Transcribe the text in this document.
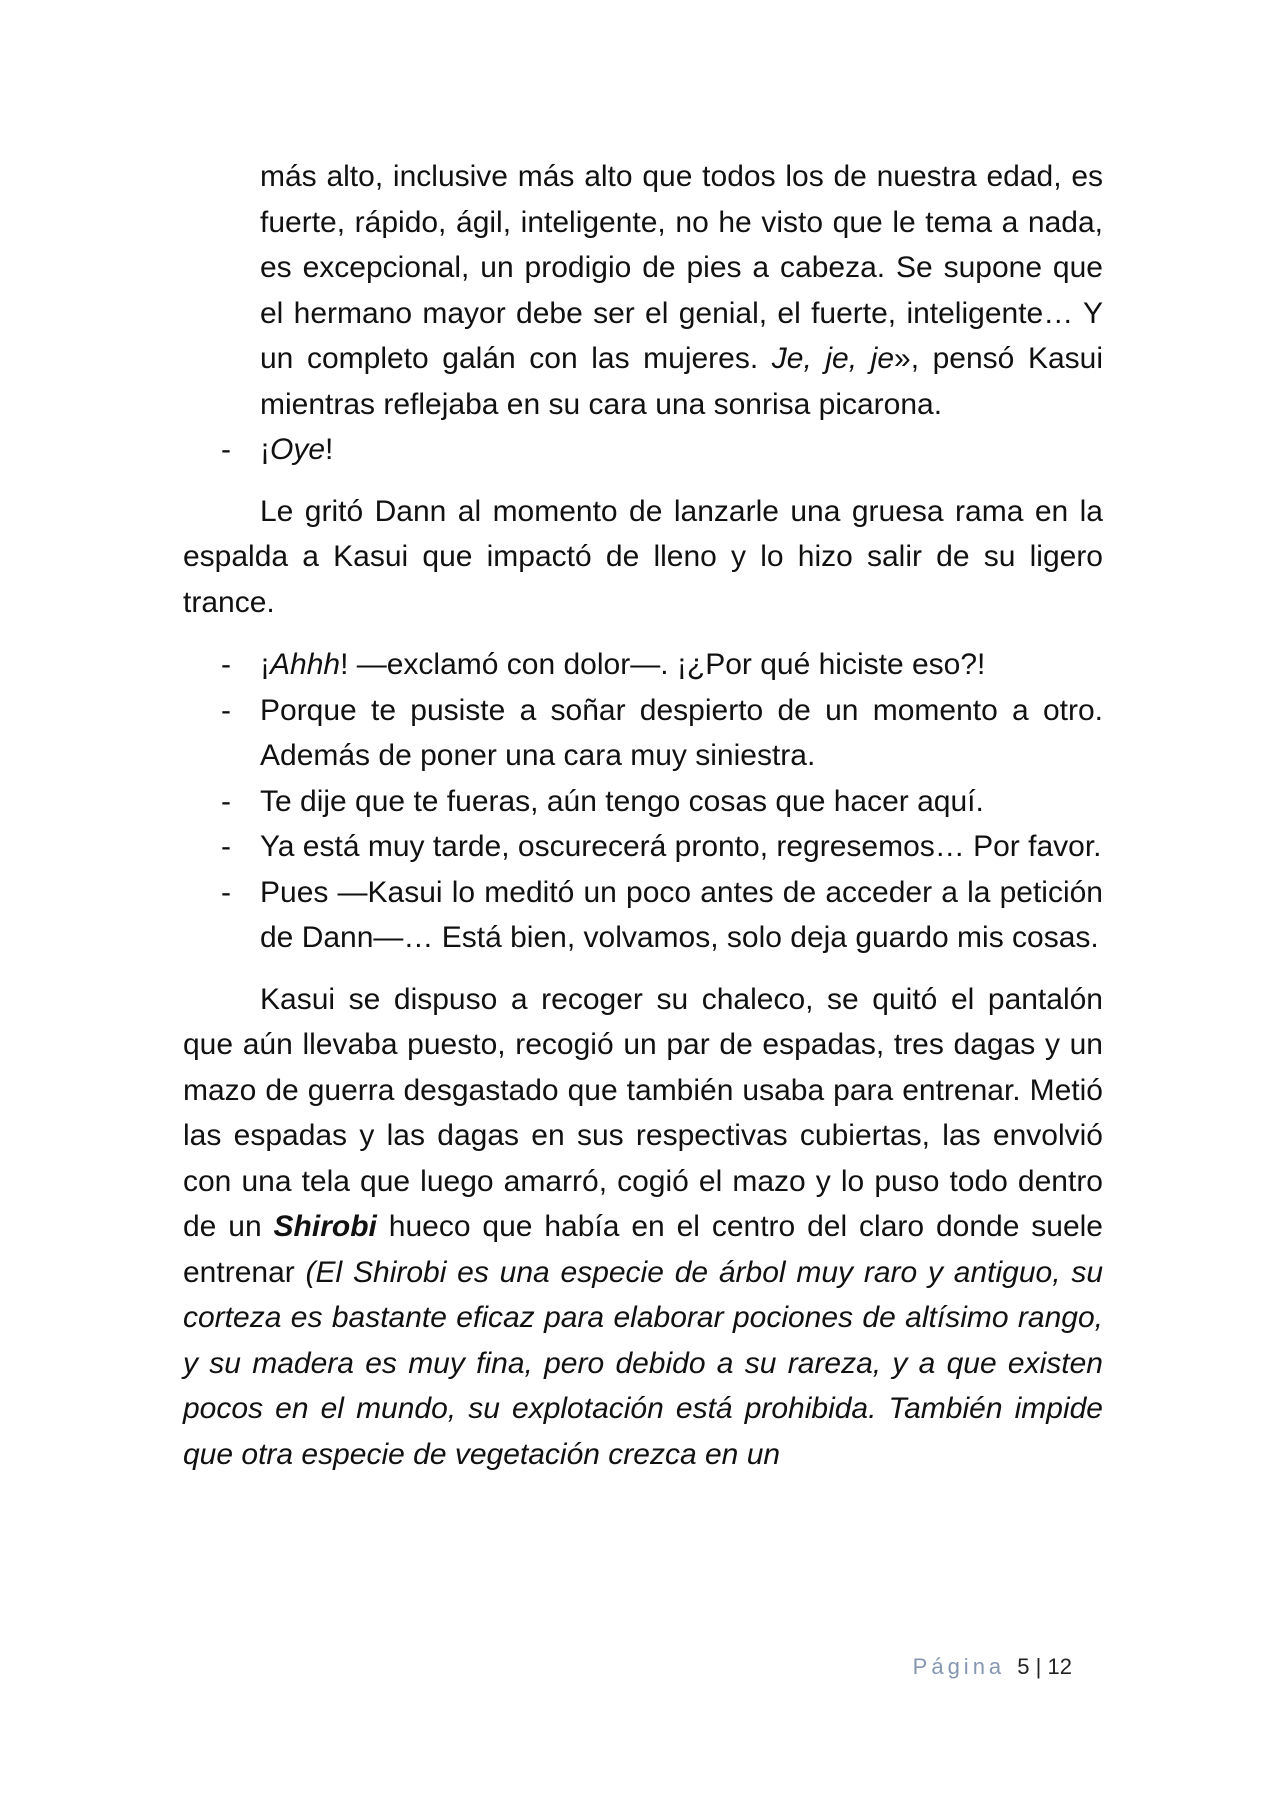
más alto, inclusive más alto que todos los de nuestra edad, es fuerte, rápido, ágil, inteligente, no he visto que le tema a nada, es excepcional, un prodigio de pies a cabeza. Se supone que el hermano mayor debe ser el genial, el fuerte, inteligente… Y un completo galán con las mujeres. Je, je, je», pensó Kasui mientras reflejaba en su cara una sonrisa picarona.
- ¡Oye!

Le gritó Dann al momento de lanzarle una gruesa rama en la espalda a Kasui que impactó de lleno y lo hizo salir de su ligero trance.

- ¡Ahhh! —exclamó con dolor—. ¡¿Por qué hiciste eso?!
- Porque te pusiste a soñar despierto de un momento a otro. Además de poner una cara muy siniestra.
- Te dije que te fueras, aún tengo cosas que hacer aquí.
- Ya está muy tarde, oscurecerá pronto, regresemos… Por favor.
- Pues —Kasui lo meditó un poco antes de acceder a la petición de Dann—… Está bien, volvamos, solo deja guardo mis cosas.

Kasui se dispuso a recoger su chaleco, se quitó el pantalón que aún llevaba puesto, recogió un par de espadas, tres dagas y un mazo de guerra desgastado que también usaba para entrenar. Metió las espadas y las dagas en sus respectivas cubiertas, las envolvió con una tela que luego amarró, cogió el mazo y lo puso todo dentro de un Shirobi hueco que había en el centro del claro donde suele entrenar (El Shirobi es una especie de árbol muy raro y antiguo, su corteza es bastante eficaz para elaborar pociones de altísimo rango, y su madera es muy fina, pero debido a su rareza, y a que existen pocos en el mundo, su explotación está prohibida. También impide que otra especie de vegetación crezca en un

Página 5 | 12
